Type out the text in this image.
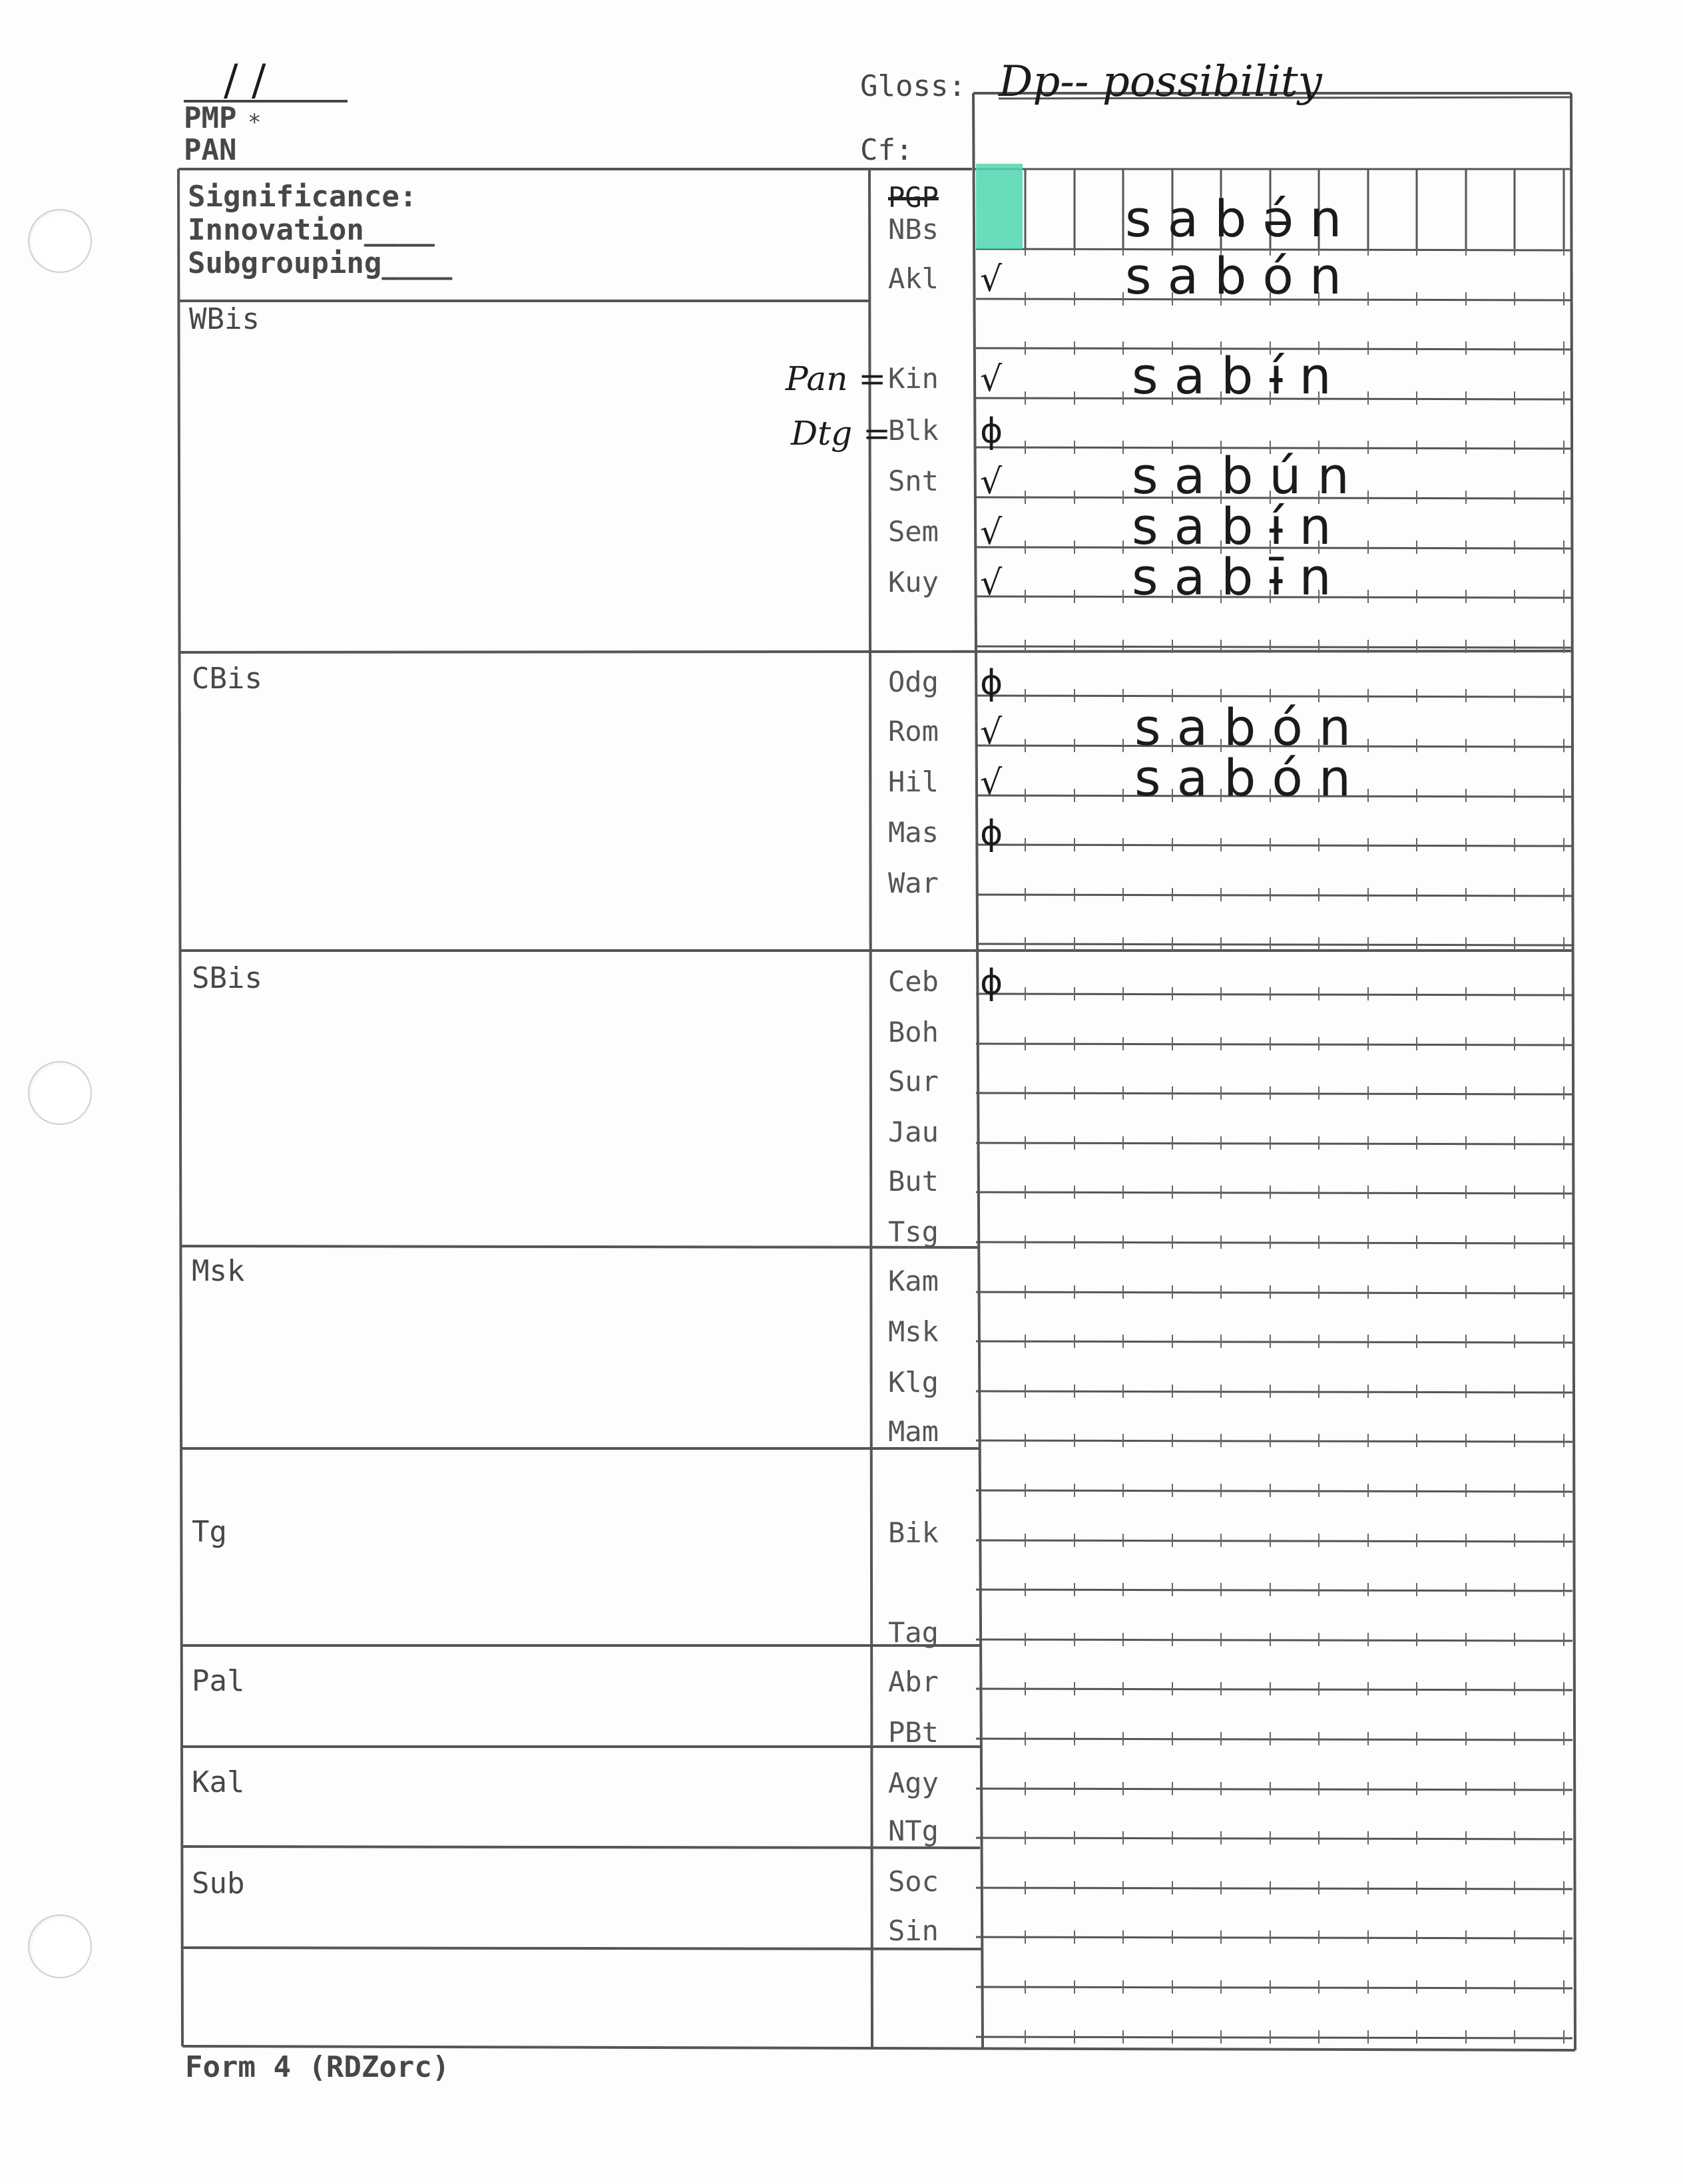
/ /
PMP *
PAN
Gloss: Dp-- possibility
Cf:
Significance:
Innovation____
Subgrouping____
WBis
CBis
SBis
Msk
Tg
Pal
Kal
Sub
PGP
NBs
Akl
Kin
Blk
Snt
Sem
Kuy
Odg
Rom
Hil
Mas
War
Ceb
Boh
Sur
Jau
But
Tsg
Kam
Msk
Klg
Mam
Bik
Tag
Abr
PBt
Agy
NTg
Soc
Sin
Pan =
Dtg =
√
√
ϕ
√
√
√
ϕ
√
√
ϕ
ϕ
sabə́n
sabón
sabɨ́n
sabún
sabɨ́n
sabɨ̄n
sabón
sabón
Form 4 (RDZorc)
